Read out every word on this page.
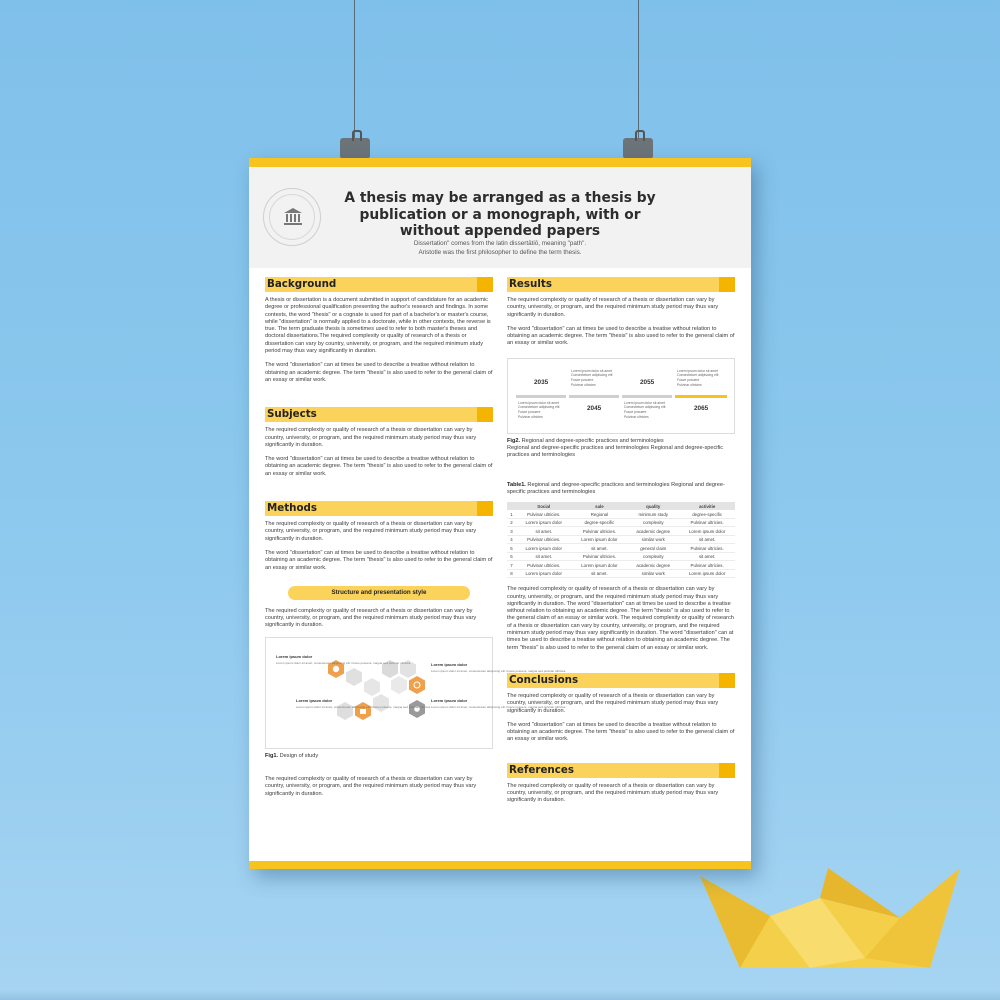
A thesis may be arranged as a thesis by publication or a monograph, with or without appended papers
Dissertation" comes from the latin dissertātiō, meaning "path".
Aristotle was the first philosopher to define the term thesis.
Background

A thesis or dissertation is a document submitted in support of candidature for an academic degree or professional qualification presenting the author's research and findings. In some contexts, the word "thesis" or a cognate is used for part of a bachelor's or master's course, while "dissertation" is normally applied to a doctorate, while in other contexts, the reverse is true. The term graduate thesis is sometimes used to refer to both master's theses and doctoral dissertations.The required complexity or quality of research of a thesis or dissertation can vary by country, university, or program, and the required minimum study period may thus vary significantly in duration.

The word "dissertation" can at times be used to describe a treatise without relation to obtaining an academic degree. The term "thesis" is also used to refer to the general claim of an essay or similar work.

Subjects

The required complexity or quality of research of a thesis or dissertation can vary by country, university, or program, and the required minimum study period may thus vary significantly in duration.

The word "dissertation" can at times be used to describe a treatise without relation to obtaining an academic degree. The term "thesis" is also used to refer to the general claim of an essay or similar work.

Methods

The required complexity or quality of research of a thesis or dissertation can vary by country, university, or program, and the required minimum study period may thus vary significantly in duration.

The word "dissertation" can at times be used to describe a treatise without relation to obtaining an academic degree. The term "thesis" is also used to refer to the general claim of an essay or similar work.

Structure and presentation style

The required complexity or quality of research of a thesis or dissertation can vary by country, university, or program, and the required minimum study period may thus vary significantly in duration.

Lorem ipsum dolor
Lorem ipsum dolor sit amet, consectetuer adipiscing elit. Fusce posuere, magna sed pulvinar ultricies.	Lorem ipsum dolor
Lorem ipsum dolor sit amet, consectetuer adipiscing elit. Fusce posuere, magna sed pulvinar ultricies.
Lorem ipsum dolor
Lorem ipsum dolor sit amet, consectetuer adipiscing elit. Fusce posuere, magna sed pulvinar ultricies.
Lorem ipsum dolor
Lorem ipsum dolor sit amet, consectetuer adipiscing elit. Fusce posuere, magna sed pulvinar ultricies.

Fig1. Design of study

The required complexity or quality of research of a thesis or dissertation can vary by country, university, or program, and the required minimum study period may thus vary significantly in duration.

Results

The required complexity or quality of research of a thesis or dissertation can vary by country, university, or program, and the required minimum study period may thus vary significantly in duration.

The word "dissertation" can at times be used to describe a treatise without relation to obtaining an academic degree. The term "thesis" is also used to refer to the general claim of an essay or similar work.

2035
2045
2055
2065
Lorem ipsum dolor sit amet
Consectetuer adipiscing elit
Fusce posuere
Pulvinar ultricies
Lorem ipsum dolor sit amet
Consectetuer adipiscing elit
Fusce posuere
Pulvinar ultricies
Lorem ipsum dolor sit amet
Consectetuer adipiscing elit
Fusce posuere
Pulvinar ultricies
Lorem ipsum dolor sit amet
Consectetuer adipiscing elit
Fusce posuere
Pulvinar ultricies

Fig2. Regional and degree-specific practices and terminologies
Regional and degree-specific practices and terminologies Regional and degree-specific practices and terminologies

Table1. Regional and degree-specific practices and terminologies Regional and degree-specific practices and terminologies

	Social	sale	quality	activitie
1	Pulvinar ultricies.	Regional	minimum study	degree-specific
2	Lorem ipsum dolor	degree-specific	complexity	Pulvinar ultricies.
3	sit amet.	Pulvinar ultricies.	academic degree	Lorem ipsum dolor
4	Pulvinar ultricies.	Lorem ipsum dolor	similar work	sit amet.
5	Lorem ipsum dolor	sit amet.	general claim	Pulvinar ultricies.
6	sit amet.	Pulvinar ultricies.	complexity	sit amet.
7	Pulvinar ultricies.	Lorem ipsum dolor	academic degree	Pulvinar ultricies.
8	Lorem ipsum dolor	sit amet.	similar work	Lorem ipsum dolor

The required complexity or quality of research of a thesis or dissertation can vary by country, university, or program, and the required minimum study period may thus vary significantly in duration. The word "dissertation" can at times be used to describe a treatise without relation to obtaining an academic degree. The term "thesis" is also used to refer to the general claim of an essay or similar work. The required complexity or quality of research of a thesis or dissertation can vary by country, university, or program, and the required minimum study period may thus vary significantly in duration. The word "dissertation" can at times be used to describe a treatise without relation to obtaining an academic degree. The term "thesis" is also used to refer to the general claim of an essay or similar work.

Conclusions

The required complexity or quality of research of a thesis or dissertation can vary by country, university, or program, and the required minimum study period may thus vary significantly in duration.

The word "dissertation" can at times be used to describe a treatise without relation to obtaining an academic degree. The term "thesis" is also used to refer to the general claim of an essay or similar work.

References

The required complexity or quality of research of a thesis or dissertation can vary by country, university, or program, and the required minimum study period may thus vary significantly in duration.
